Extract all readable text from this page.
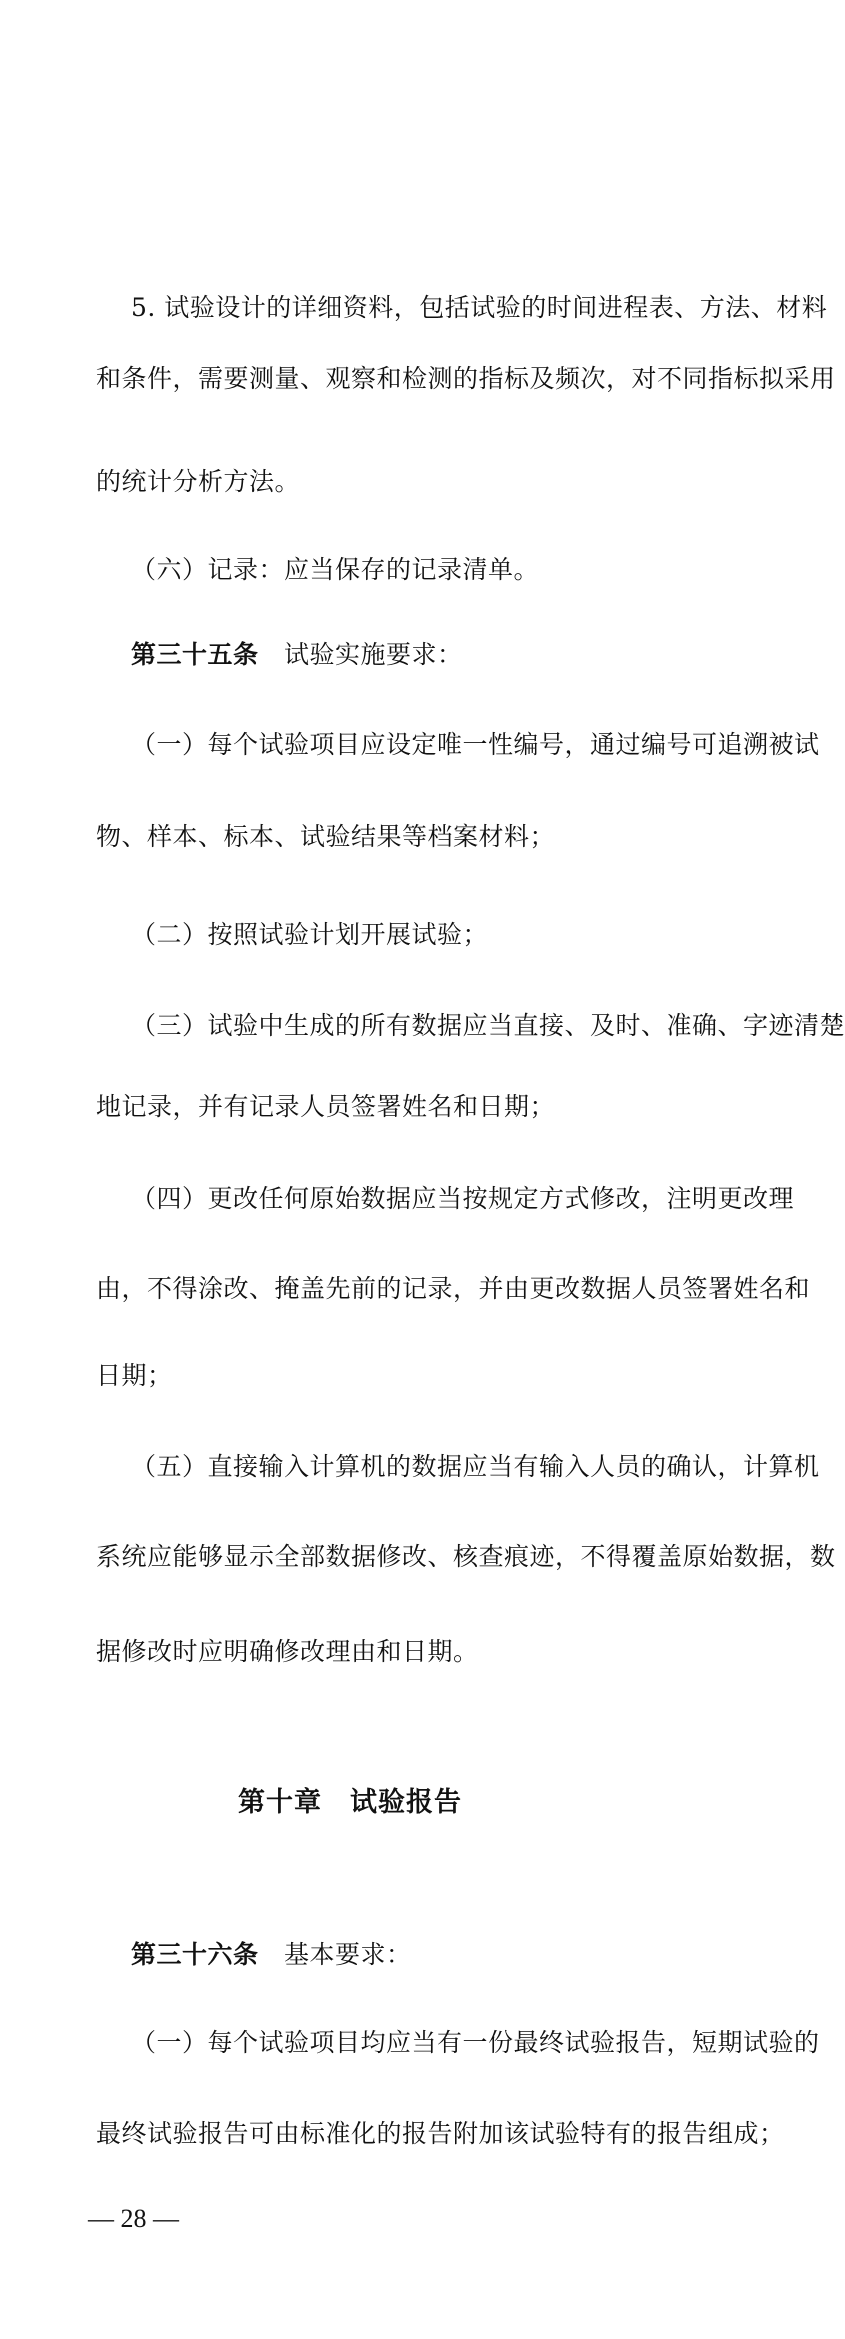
5. 试验设计的详细资料，包括试验的时间进程表、方法、材料
和条件，需要测量、观察和检测的指标及频次，对不同指标拟采用
的统计分析方法。
（六）记录：应当保存的记录清单。
第三十五条　 试验实施要求：
（一）每个试验项目应设定唯一性编号，通过编号可追溯被试
物、样本、标本、试验结果等档案材料；
（二）按照试验计划开展试验；
（三）试验中生成的所有数据应当直接、及时、准确、字迹清楚
地记录，并有记录人员签署姓名和日期；
（四）更改任何原始数据应当按规定方式修改，注明更改理
由，不得涂改、掩盖先前的记录，并由更改数据人员签署姓名和
日期；
（五）直接输入计算机的数据应当有输入人员的确认，计算机
系统应能够显示全部数据修改、核查痕迹，不得覆盖原始数据，数
据修改时应明确修改理由和日期。
第十章　 试验报告
第三十六条　 基本要求：
（一）每个试验项目均应当有一份最终试验报告，短期试验的
最终试验报告可由标准化的报告附加该试验特有的报告组成；
— 28 —
